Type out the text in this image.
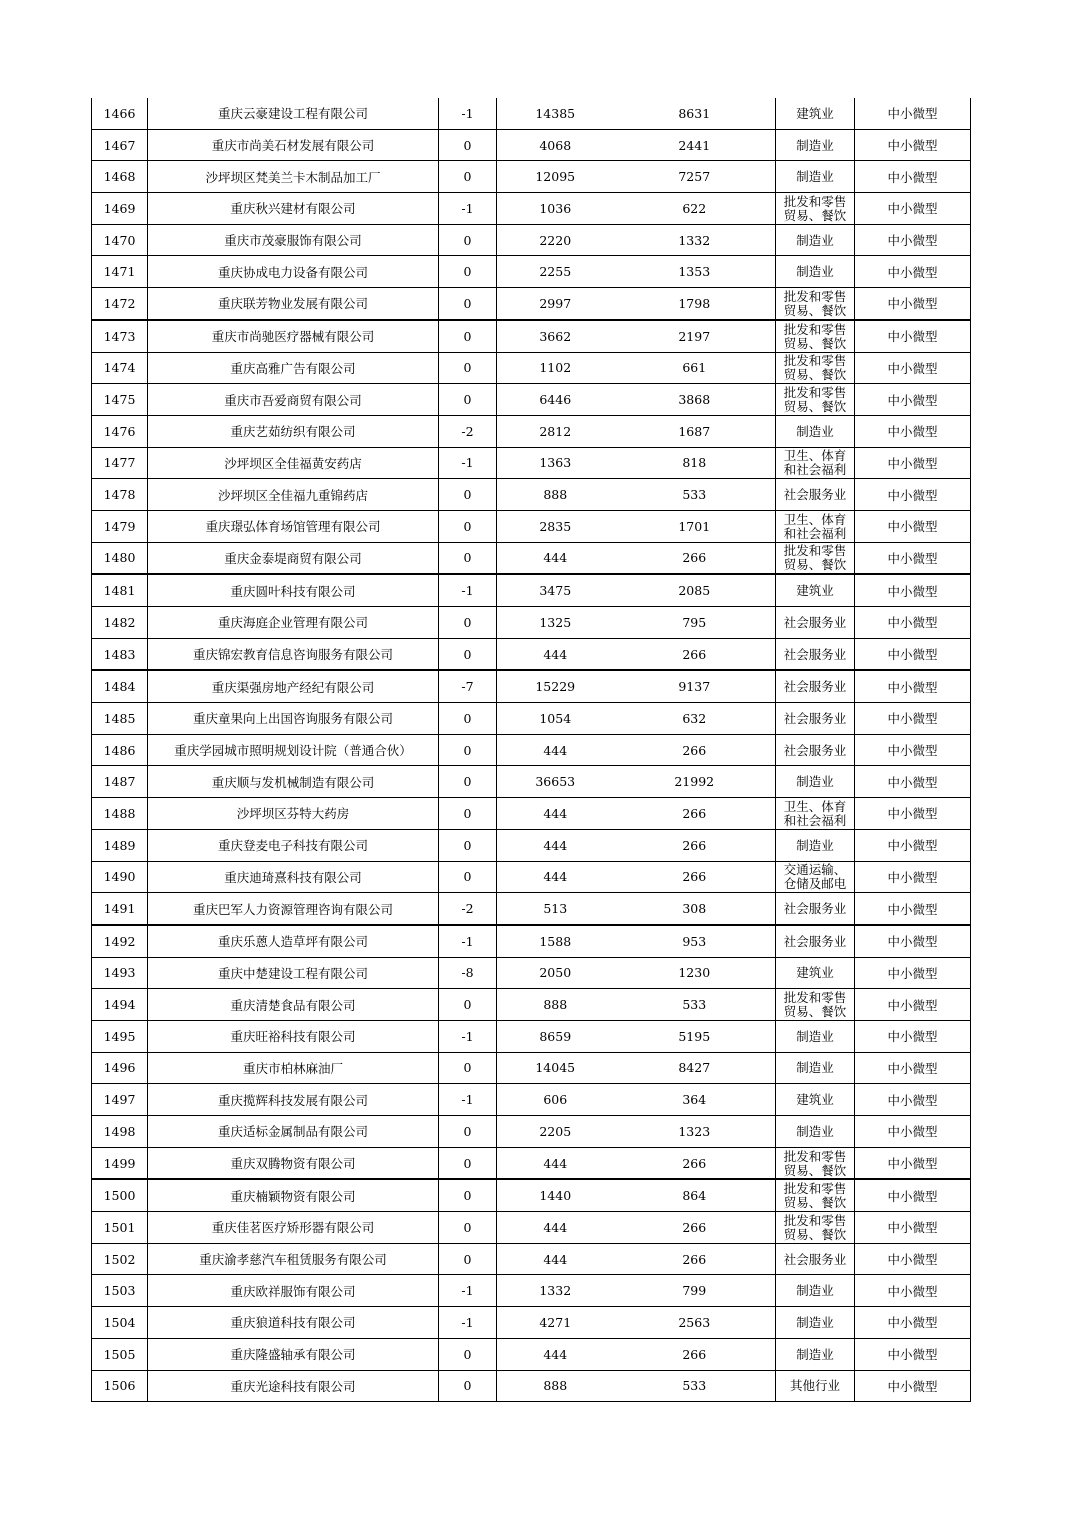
1466	重庆云豪建设工程有限公司	-1	14385	8631	建筑业	中小微型
1467	重庆市尚美石材发展有限公司	0	4068	2441	制造业	中小微型
1468	沙坪坝区梵美兰卡木制品加工厂	0	12095	7257	制造业	中小微型
1469	重庆秋兴建材有限公司	-1	1036	622	批发和零售贸易、餐饮	中小微型
1470	重庆市茂豪服饰有限公司	0	2220	1332	制造业	中小微型
1471	重庆协成电力设备有限公司	0	2255	1353	制造业	中小微型
1472	重庆联芳物业发展有限公司	0	2997	1798	批发和零售贸易、餐饮	中小微型
1473	重庆市尚驰医疗器械有限公司	0	3662	2197	批发和零售贸易、餐饮	中小微型
1474	重庆高雅广告有限公司	0	1102	661	批发和零售贸易、餐饮	中小微型
1475	重庆市吾爱商贸有限公司	0	6446	3868	批发和零售贸易、餐饮	中小微型
1476	重庆艺茹纺织有限公司	-2	2812	1687	制造业	中小微型
1477	沙坪坝区全佳福黄安药店	-1	1363	818	卫生、体育和社会福利	中小微型
1478	沙坪坝区全佳福九重锦药店	0	888	533	社会服务业	中小微型
1479	重庆璟弘体育场馆管理有限公司	0	2835	1701	卫生、体育和社会福利	中小微型
1480	重庆金泰堤商贸有限公司	0	444	266	批发和零售贸易、餐饮	中小微型
1481	重庆圆叶科技有限公司	-1	3475	2085	建筑业	中小微型
1482	重庆海庭企业管理有限公司	0	1325	795	社会服务业	中小微型
1483	重庆锦宏教育信息咨询服务有限公司	0	444	266	社会服务业	中小微型
1484	重庆渠强房地产经纪有限公司	-7	15229	9137	社会服务业	中小微型
1485	重庆童果向上出国咨询服务有限公司	0	1054	632	社会服务业	中小微型
1486	重庆学园城市照明规划设计院（普通合伙）	0	444	266	社会服务业	中小微型
1487	重庆顺与发机械制造有限公司	0	36653	21992	制造业	中小微型
1488	沙坪坝区芬特大药房	0	444	266	卫生、体育和社会福利	中小微型
1489	重庆登麦电子科技有限公司	0	444	266	制造业	中小微型
1490	重庆迪琦熹科技有限公司	0	444	266	交通运输、仓储及邮电	中小微型
1491	重庆巴军人力资源管理咨询有限公司	-2	513	308	社会服务业	中小微型
1492	重庆乐蒽人造草坪有限公司	-1	1588	953	社会服务业	中小微型
1493	重庆中楚建设工程有限公司	-8	2050	1230	建筑业	中小微型
1494	重庆清楚食品有限公司	0	888	533	批发和零售贸易、餐饮	中小微型
1495	重庆旺裕科技有限公司	-1	8659	5195	制造业	中小微型
1496	重庆市柏林麻油厂	0	14045	8427	制造业	中小微型
1497	重庆揽辉科技发展有限公司	-1	606	364	建筑业	中小微型
1498	重庆适标金属制品有限公司	0	2205	1323	制造业	中小微型
1499	重庆双腾物资有限公司	0	444	266	批发和零售贸易、餐饮	中小微型
1500	重庆楠颖物资有限公司	0	1440	864	批发和零售贸易、餐饮	中小微型
1501	重庆佳茗医疗矫形器有限公司	0	444	266	批发和零售贸易、餐饮	中小微型
1502	重庆渝孝慈汽车租赁服务有限公司	0	444	266	社会服务业	中小微型
1503	重庆欧祥服饰有限公司	-1	1332	799	制造业	中小微型
1504	重庆狼道科技有限公司	-1	4271	2563	制造业	中小微型
1505	重庆隆盛轴承有限公司	0	444	266	制造业	中小微型
1506	重庆光途科技有限公司	0	888	533	其他行业	中小微型
